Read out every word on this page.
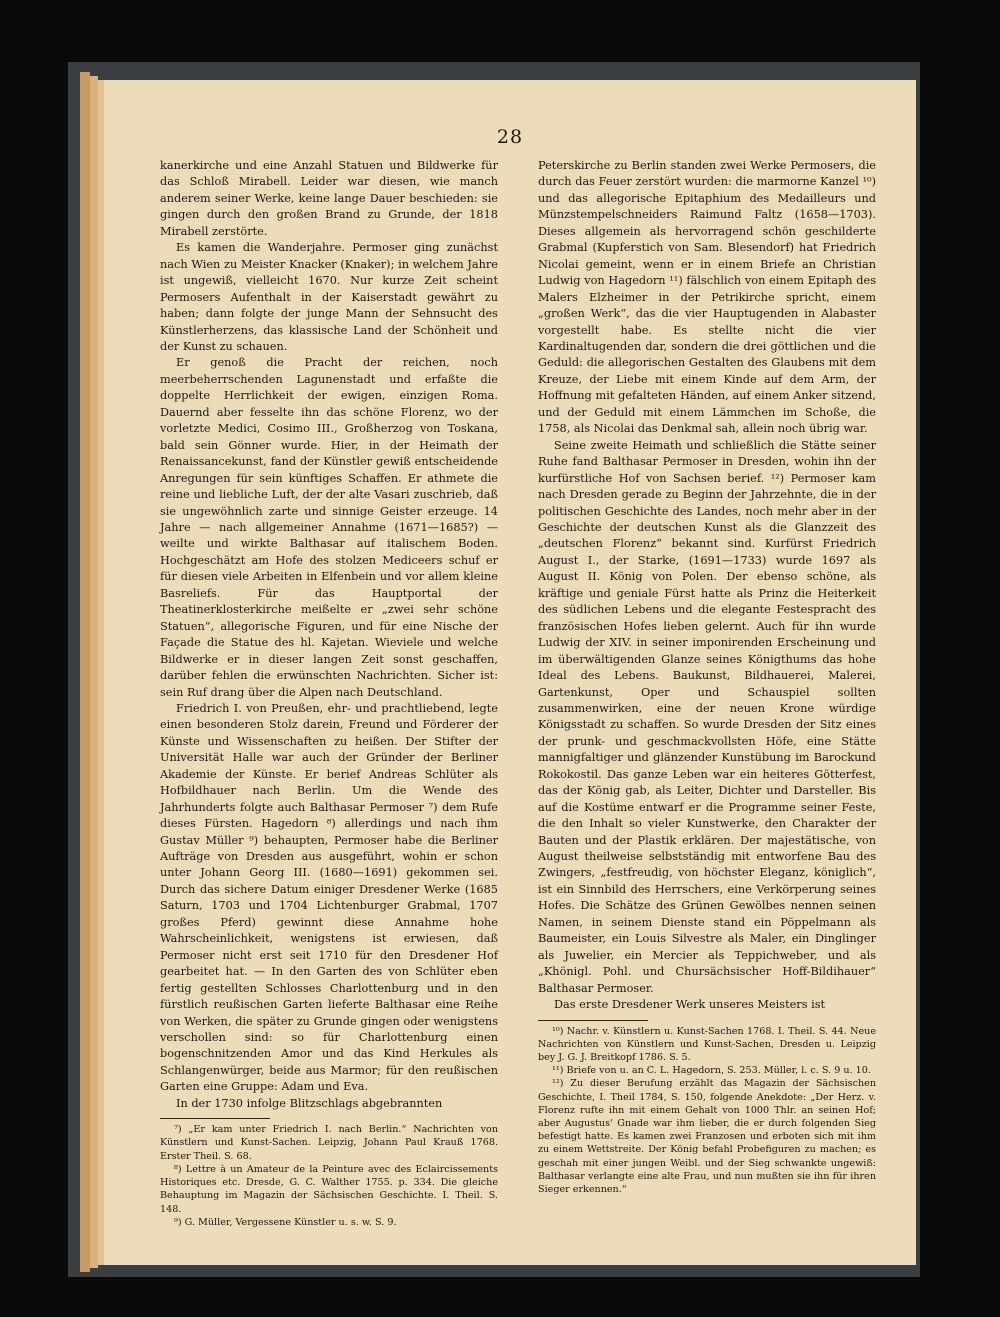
28

kanerkirche und eine Anzahl Statuen und Bildwerke für das Schloß Mirabell. Leider war diesen, wie manch anderem seiner Werke, keine lange Dauer beschieden: sie gingen durch den großen Brand zu Grunde, der 1818 Mirabell zerstörte.

Es kamen die Wanderjahre. Permoser ging zunächst nach Wien zu Meister Knacker (Knaker); in welchem Jahre ist ungewiß, vielleicht 1670. Nur kurze Zeit scheint Permosers Aufenthalt in der Kaiserstadt gewährt zu haben; dann folgte der junge Mann der Sehnsucht des Künstlerherzens, das klassische Land der Schönheit und der Kunst zu schauen.

Er genoß die Pracht der reichen, noch meerbeherrschenden Lagunenstadt und erfaßte die doppelte Herrlichkeit der ewigen, einzigen Roma. Dauernd aber fesselte ihn das schöne Florenz, wo der vorletzte Medici, Cosimo III., Großherzog von Toskana, bald sein Gönner wurde. Hier, in der Heimath der Renaissancekunst, fand der Künstler gewiß entscheidende Anregungen für sein künftiges Schaffen. Er athmete die reine und liebliche Luft, der der alte Vasari zuschrieb, daß sie ungewöhnlich zarte und sinnige Geister erzeuge. 14 Jahre — nach allgemeiner Annahme (1671—1685?) — weilte und wirkte Balthasar auf italischem Boden. Hochgeschätzt am Hofe des stolzen Mediceers schuf er für diesen viele Arbeiten in Elfenbein und vor allem kleine Basreliefs. Für das Hauptportal der Theatinerklosterkirche meißelte er „zwei sehr schöne Statuen“, allegorische Figuren, und für eine Nische der Façade die Statue des hl. Kajetan. Wieviele und welche Bildwerke er in dieser langen Zeit sonst geschaffen, darüber fehlen die erwünschten Nachrichten. Sicher ist: sein Ruf drang über die Alpen nach Deutschland.

Friedrich I. von Preußen, ehr- und prachtliebend, legte einen besonderen Stolz darein, Freund und Förderer der Künste und Wissenschaften zu heißen. Der Stifter der Universität Halle war auch der Gründer der Berliner Akademie der Künste. Er berief Andreas Schlüter als Hofbildhauer nach Berlin. Um die Wende des Jahrhunderts folgte auch Balthasar Permoser ⁷) dem Rufe dieses Fürsten. Hagedorn ⁸) allerdings und nach ihm Gustav Müller ⁹) behaupten, Permoser habe die Berliner Aufträge von Dresden aus ausgeführt, wohin er schon unter Johann Georg III. (1680—1691) gekommen sei. Durch das sichere Datum einiger Dresdener Werke (1685 Saturn, 1703 und 1704 Lichtenburger Grabmal, 1707 großes Pferd) gewinnt diese Annahme hohe Wahrscheinlichkeit, wenigstens ist erwiesen, daß Permoser nicht erst seit 1710 für den Dresdener Hof gearbeitet hat. — In den Garten des von Schlüter eben fertig gestellten Schlosses Charlottenburg und in den fürstlich reußischen Garten lieferte Balthasar eine Reihe von Werken, die später zu Grunde gingen oder wenigstens verschollen sind: so für Charlottenburg einen bogenschnitzenden Amor und das Kind Herkules als Schlangenwürger, beide aus Marmor; für den reußischen Garten eine Gruppe: Adam und Eva.

In der 1730 infolge Blitzschlags abgebrannten

⁷) „Er kam unter Friedrich I. nach Berlin.“ Nachrichten von Künstlern und Kunst-Sachen. Leipzig, Johann Paul Krauß 1768. Erster Theil. S. 68.

⁸) Lettre à un Amateur de la Peinture avec des Eclaircissements Historiques etc. Dresde, G. C. Walther 1755. p. 334. Die gleiche Behauptung im Magazin der Sächsischen Geschichte. I. Theil. S. 148.

⁹) G. Müller, Vergessene Künstler u. s. w. S. 9.

Peterskirche zu Berlin standen zwei Werke Permosers, die durch das Feuer zerstört wurden: die marmorne Kanzel ¹⁰) und das allegorische Epitaphium des Medailleurs und Münzstempelschneiders Raimund Faltz (1658—1703). Dieses allgemein als hervorragend schön geschilderte Grabmal (Kupferstich von Sam. Blesendorf) hat Friedrich Nicolai gemeint, wenn er in einem Briefe an Christian Ludwig von Hagedorn ¹¹) fälschlich von einem Epitaph des Malers Elzheimer in der Petrikirche spricht, einem „großen Werk“, das die vier Hauptugenden in Alabaster vorgestellt habe. Es stellte nicht die vier Kardinaltugenden dar, sondern die drei göttlichen und die Geduld: die allegorischen Gestalten des Glaubens mit dem Kreuze, der Liebe mit einem Kinde auf dem Arm, der Hoffnung mit gefalteten Händen, auf einem Anker sitzend, und der Geduld mit einem Lämmchen im Schoße, die 1758, als Nicolai das Denkmal sah, allein noch übrig war.

Seine zweite Heimath und schließlich die Stätte seiner Ruhe fand Balthasar Permoser in Dresden, wohin ihn der kurfürstliche Hof von Sachsen berief. ¹²) Permoser kam nach Dresden gerade zu Beginn der Jahrzehnte, die in der politischen Geschichte des Landes, noch mehr aber in der Geschichte der deutschen Kunst als die Glanzzeit des „deutschen Florenz“ bekannt sind. Kurfürst Friedrich August I., der Starke, (1691—1733) wurde 1697 als August II. König von Polen. Der ebenso schöne, als kräftige und geniale Fürst hatte als Prinz die Heiterkeit des südlichen Lebens und die elegante Festespracht des französischen Hofes lieben gelernt. Auch für ihn wurde Ludwig der XIV. in seiner imponirenden Erscheinung und im überwältigenden Glanze seines Königthums das hohe Ideal des Lebens. Baukunst, Bildhauerei, Malerei, Gartenkunst, Oper und Schauspiel sollten zusammenwirken, eine der neuen Krone würdige Königsstadt zu schaffen. So wurde Dresden der Sitz eines der prunk- und geschmackvollsten Höfe, eine Stätte mannigfaltiger und glänzender Kunstübung im Barockund Rokokostil. Das ganze Leben war ein heiteres Götterfest, das der König gab, als Leiter, Dichter und Darsteller. Bis auf die Kostüme entwarf er die Programme seiner Feste, die den Inhalt so vieler Kunstwerke, den Charakter der Bauten und der Plastik erklären. Der majestätische, von August theilweise selbstständig mit entworfene Bau des Zwingers, „festfreudig, von höchster Eleganz, königlich“, ist ein Sinnbild des Herrschers, eine Verkörperung seines Hofes. Die Schätze des Grünen Gewölbes nennen seinen Namen, in seinem Dienste stand ein Pöppelmann als Baumeister, ein Louis Silvestre als Maler, ein Dinglinger als Juwelier, ein Mercier als Teppichweber, und als „Khönigl. Pohl. und Chursächsischer Hoff-Bildihauer“ Balthasar Permoser.

Das erste Dresdener Werk unseres Meisters ist

¹⁰) Nachr. v. Künstlern u. Kunst-Sachen 1768. I. Theil. S. 44. Neue Nachrichten von Künstlern und Kunst-Sachen, Dresden u. Leipzig bey J. G. J. Breitkopf 1786. S. 5.

¹¹) Briefe von u. an C. L. Hagedorn, S. 253. Müller, l. c. S. 9 u. 10.

¹²) Zu dieser Berufung erzählt das Magazin der Sächsischen Geschichte, I. Theil 1784, S. 150, folgende Anekdote: „Der Herz. v. Florenz rufte ihn mit einem Gehalt von 1000 Thlr. an seinen Hof; aber Augustus' Gnade war ihm lieber, die er durch folgenden Sieg befestigt hatte. Es kamen zwei Franzosen und erboten sich mit ihm zu einem Wettstreite. Der König befahl Probefiguren zu machen; es geschah mit einer jungen Weibl. und der Sieg schwankte ungewiß: Balthasar verlangte eine alte Frau, und nun mußten sie ihn für ihren Sieger erkennen.“
